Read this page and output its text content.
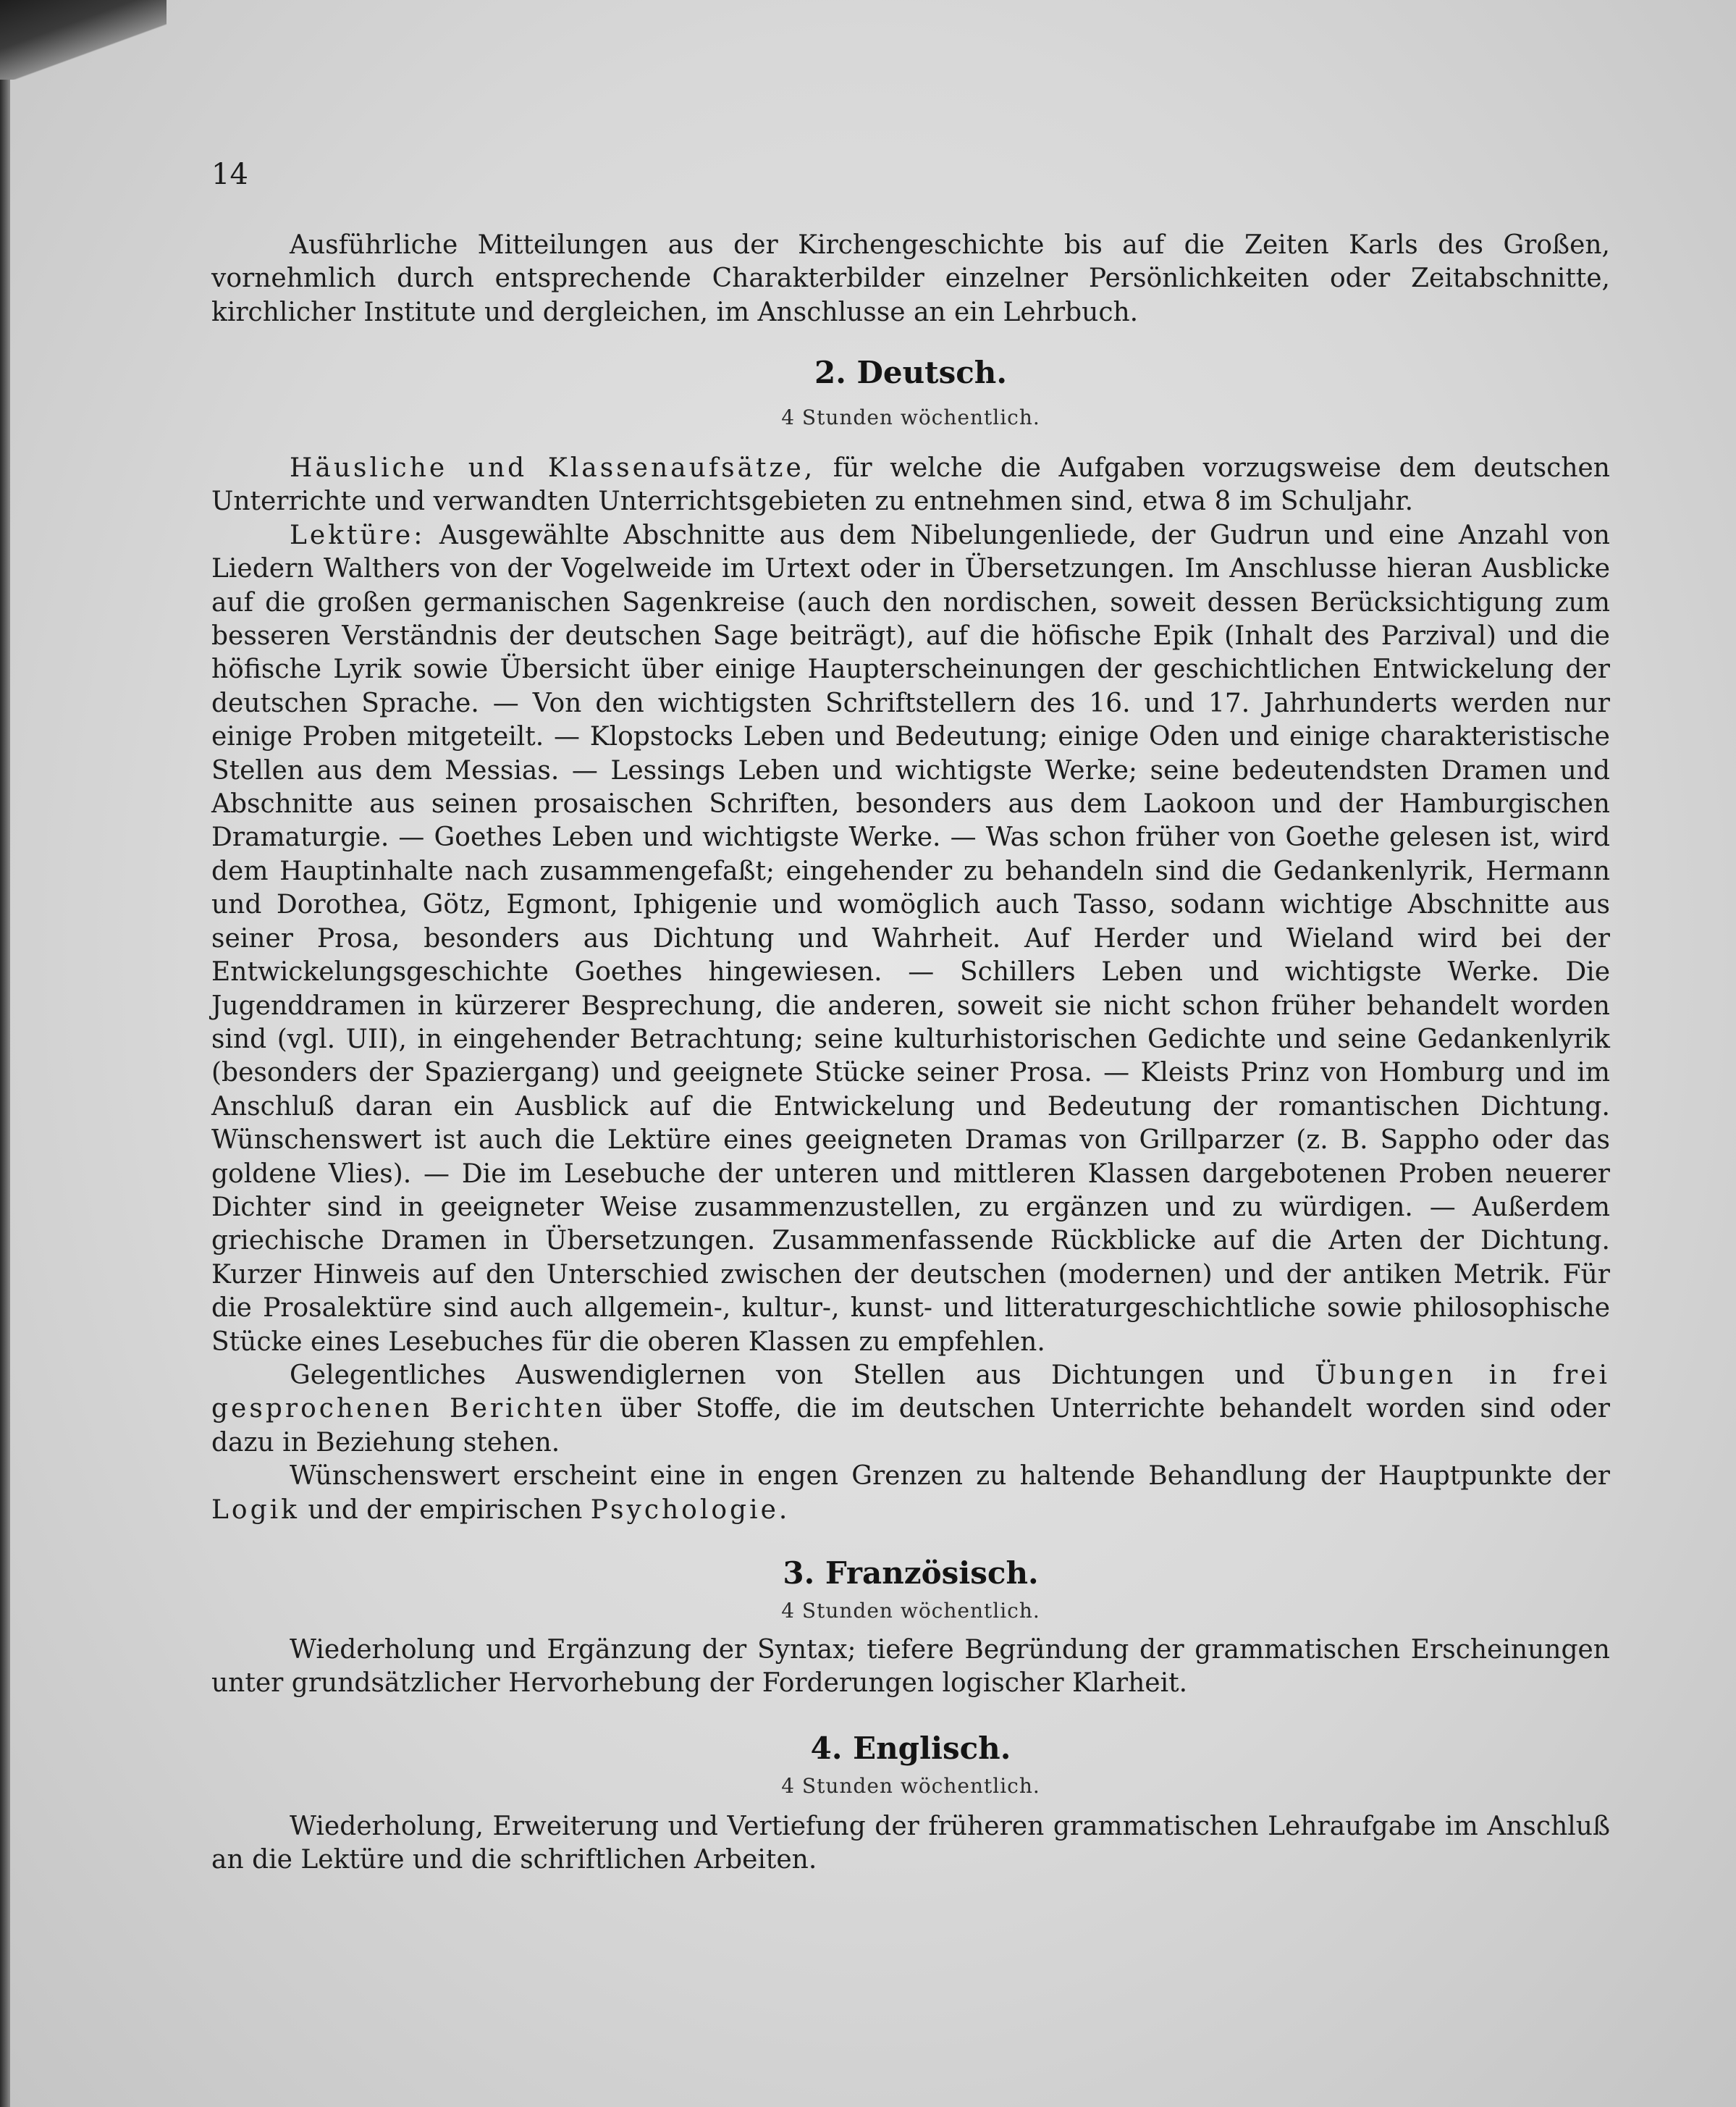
14

Ausführliche Mitteilungen aus der Kirchengeschichte bis auf die Zeiten Karls des Großen, vornehmlich durch entsprechende Charakterbilder einzelner Persönlichkeiten oder Zeitabschnitte, kirchlicher Institute und dergleichen, im Anschlusse an ein Lehrbuch.

2. Deutsch.
4 Stunden wöchentlich.

Häusliche und Klassenaufsätze, für welche die Aufgaben vorzugsweise dem deutschen Unterrichte und verwandten Unterrichtsgebieten zu entnehmen sind, etwa 8 im Schuljahr.

Lektüre: Ausgewählte Abschnitte aus dem Nibelungenliede, der Gudrun und eine Anzahl von Liedern Walthers von der Vogelweide im Urtext oder in Übersetzungen. Im Anschlusse hieran Ausblicke auf die großen germanischen Sagenkreise (auch den nordischen, soweit dessen Berücksichtigung zum besseren Verständnis der deutschen Sage beiträgt), auf die höfische Epik (Inhalt des Parzival) und die höfische Lyrik sowie Übersicht über einige Haupterscheinungen der geschichtlichen Entwickelung der deutschen Sprache. — Von den wichtigsten Schriftstellern des 16. und 17. Jahrhunderts werden nur einige Proben mitgeteilt. — Klopstocks Leben und Bedeutung; einige Oden und einige charakteristische Stellen aus dem Messias. — Lessings Leben und wichtigste Werke; seine bedeutendsten Dramen und Abschnitte aus seinen prosaischen Schriften, besonders aus dem Laokoon und der Hamburgischen Dramaturgie. — Goethes Leben und wichtigste Werke. — Was schon früher von Goethe gelesen ist, wird dem Hauptinhalte nach zusammengefaßt; eingehender zu behandeln sind die Gedankenlyrik, Hermann und Dorothea, Götz, Egmont, Iphigenie und womöglich auch Tasso, sodann wichtige Abschnitte aus seiner Prosa, besonders aus Dichtung und Wahrheit. Auf Herder und Wieland wird bei der Entwickelungsgeschichte Goethes hingewiesen. — Schillers Leben und wichtigste Werke. Die Jugenddramen in kürzerer Besprechung, die anderen, soweit sie nicht schon früher behandelt worden sind (vgl. UII), in eingehender Betrachtung; seine kulturhistorischen Gedichte und seine Gedankenlyrik (besonders der Spaziergang) und geeignete Stücke seiner Prosa. — Kleists Prinz von Homburg und im Anschluß daran ein Ausblick auf die Entwickelung und Bedeutung der romantischen Dichtung. Wünschenswert ist auch die Lektüre eines geeigneten Dramas von Grillparzer (z. B. Sappho oder das goldene Vlies). — Die im Lesebuche der unteren und mittleren Klassen dargebotenen Proben neuerer Dichter sind in geeigneter Weise zusammenzustellen, zu ergänzen und zu würdigen. — Außerdem griechische Dramen in Übersetzungen. Zusammenfassende Rückblicke auf die Arten der Dichtung. Kurzer Hinweis auf den Unterschied zwischen der deutschen (modernen) und der antiken Metrik. Für die Prosalektüre sind auch allgemein-, kultur-, kunst- und litteraturgeschichtliche sowie philosophische Stücke eines Lesebuches für die oberen Klassen zu empfehlen.

Gelegentliches Auswendiglernen von Stellen aus Dichtungen und Übungen in frei gesprochenen Berichten über Stoffe, die im deutschen Unterrichte behandelt worden sind oder dazu in Beziehung stehen.

Wünschenswert erscheint eine in engen Grenzen zu haltende Behandlung der Hauptpunkte der Logik und der empirischen Psychologie.

3. Französisch.
4 Stunden wöchentlich.

Wiederholung und Ergänzung der Syntax; tiefere Begründung der grammatischen Erscheinungen unter grundsätzlicher Hervorhebung der Forderungen logischer Klarheit.

4. Englisch.
4 Stunden wöchentlich.

Wiederholung, Erweiterung und Vertiefung der früheren grammatischen Lehraufgabe im Anschluß an die Lektüre und die schriftlichen Arbeiten.
